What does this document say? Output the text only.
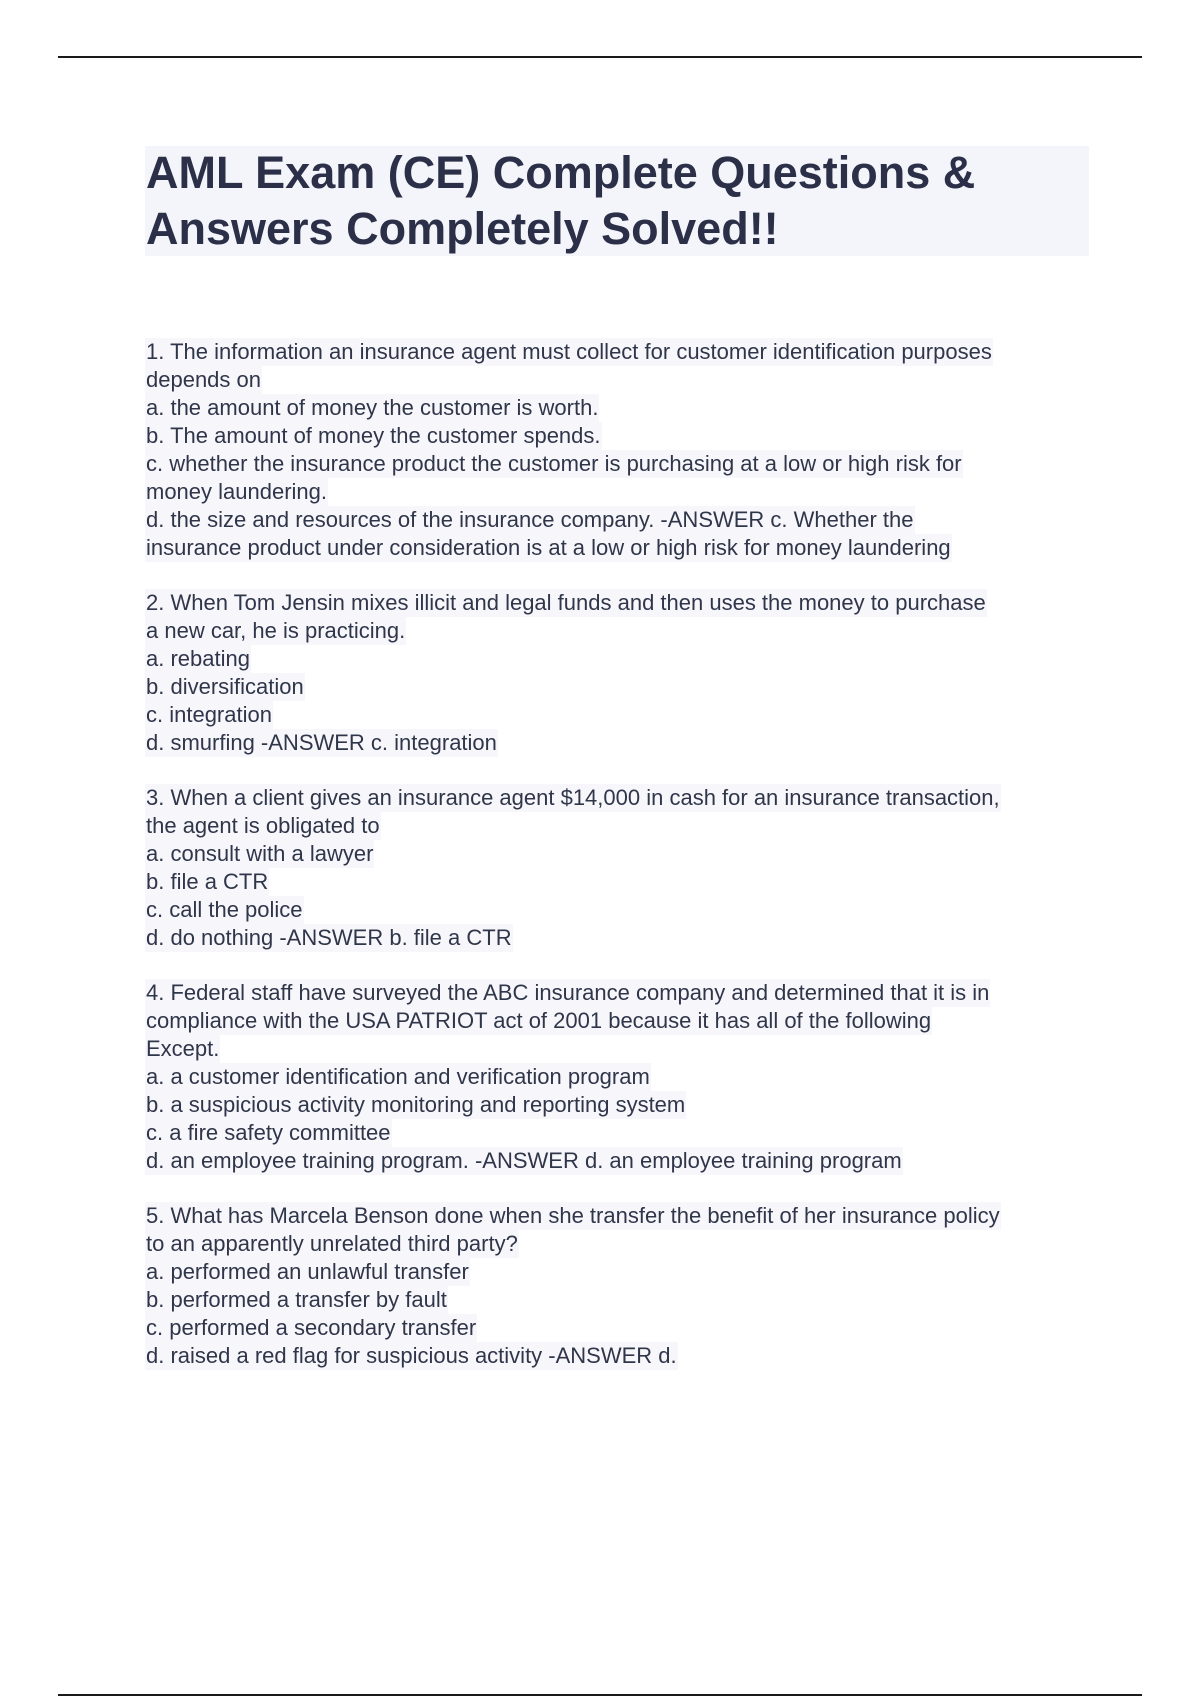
AML Exam (CE) Complete Questions &
Answers Completely Solved!!
1. The information an insurance agent must collect for customer identification purposes
depends on
a. the amount of money the customer is worth.
b. The amount of money the customer spends.
c. whether the insurance product the customer is purchasing at a low or high risk for
money laundering.
d. the size and resources of the insurance company. -ANSWER c. Whether the
insurance product under consideration is at a low or high risk for money laundering
2. When Tom Jensin mixes illicit and legal funds and then uses the money to purchase
a new car, he is practicing.
a. rebating
b. diversification
c. integration
d. smurfing -ANSWER c. integration
3. When a client gives an insurance agent $14,000 in cash for an insurance transaction,
the agent is obligated to
a. consult with a lawyer
b. file a CTR
c. call the police
d. do nothing -ANSWER b. file a CTR
4. Federal staff have surveyed the ABC insurance company and determined that it is in
compliance with the USA PATRIOT act of 2001 because it has all of the following
Except.
a. a customer identification and verification program
b. a suspicious activity monitoring and reporting system
c. a fire safety committee
d. an employee training program. -ANSWER d. an employee training program
5. What has Marcela Benson done when she transfer the benefit of her insurance policy
to an apparently unrelated third party?
a. performed an unlawful transfer
b. performed a transfer by fault
c. performed a secondary transfer
d. raised a red flag for suspicious activity -ANSWER d.
